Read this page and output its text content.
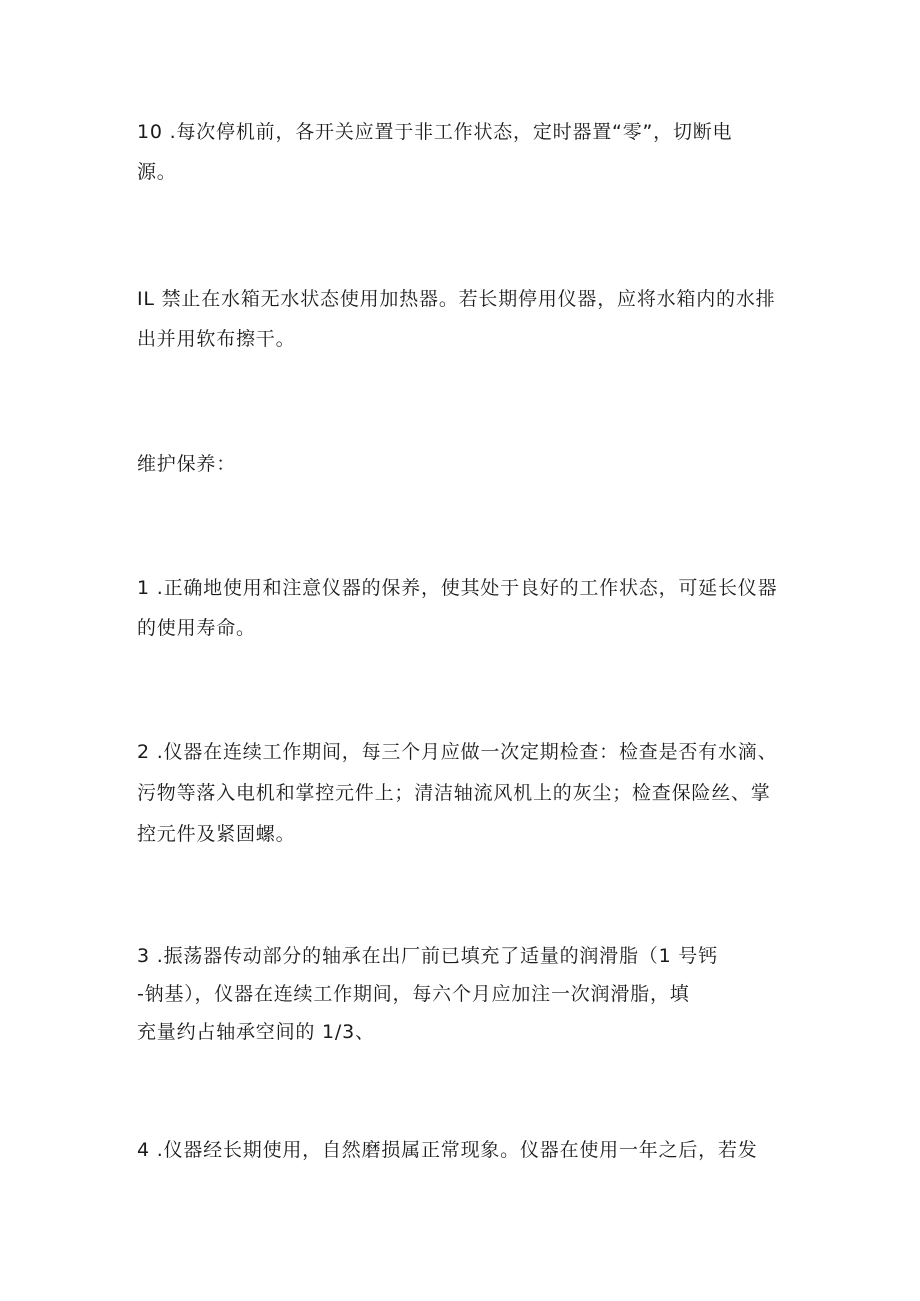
10 .每次停机前，各开关应置于非工作状态，定时器置“零”，切断电
源。

IL 禁止在水箱无水状态使用加热器。若长期停用仪器，应将水箱内的水排
出并用软布擦干。

维护保养：

1 .正确地使用和注意仪器的保养，使其处于良好的工作状态，可延长仪器
的使用寿命。

2 .仪器在连续工作期间，每三个月应做一次定期检查：检查是否有水滴、
污物等落入电机和掌控元件上；清洁轴流风机上的灰尘；检查保险丝、掌
控元件及紧固螺。

3 .振荡器传动部分的轴承在出厂前已填充了适量的润滑脂（1 号钙
-钠基），仪器在连续工作期间，每六个月应加注一次润滑脂，填
充量约占轴承空间的 1/3、

4 .仪器经长期使用，自然磨损属正常现象。仪器在使用一年之后，若发
